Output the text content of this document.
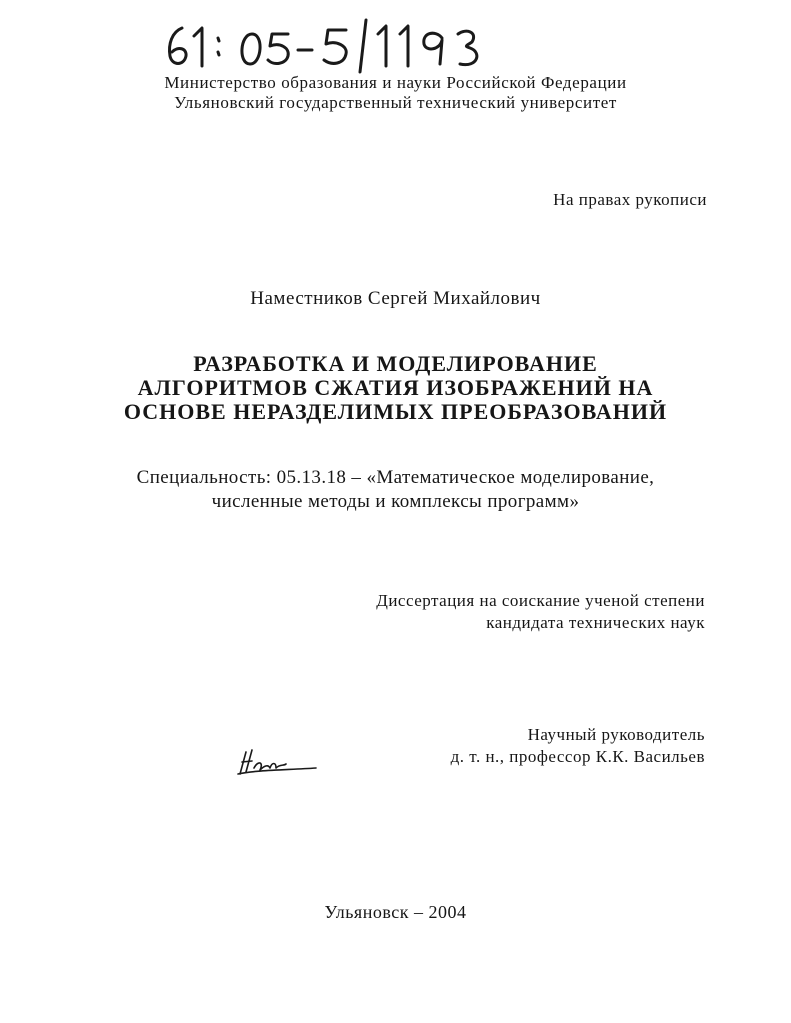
Министерство образования и науки Российской Федерации
Ульяновский государственный технический университет
На правах рукописи
Наместников Сергей Михайлович
РАЗРАБОТКА И МОДЕЛИРОВАНИЕ
АЛГОРИТМОВ СЖАТИЯ ИЗОБРАЖЕНИЙ НА
ОСНОВЕ НЕРАЗДЕЛИМЫХ ПРЕОБРАЗОВАНИЙ
Специальность: 05.13.18 – «Математическое моделирование,
численные методы и комплексы программ»
Диссертация на соискание ученой степени
кандидата технических наук
Научный руководитель
д. т. н., профессор К.К. Васильев
Ульяновск – 2004
